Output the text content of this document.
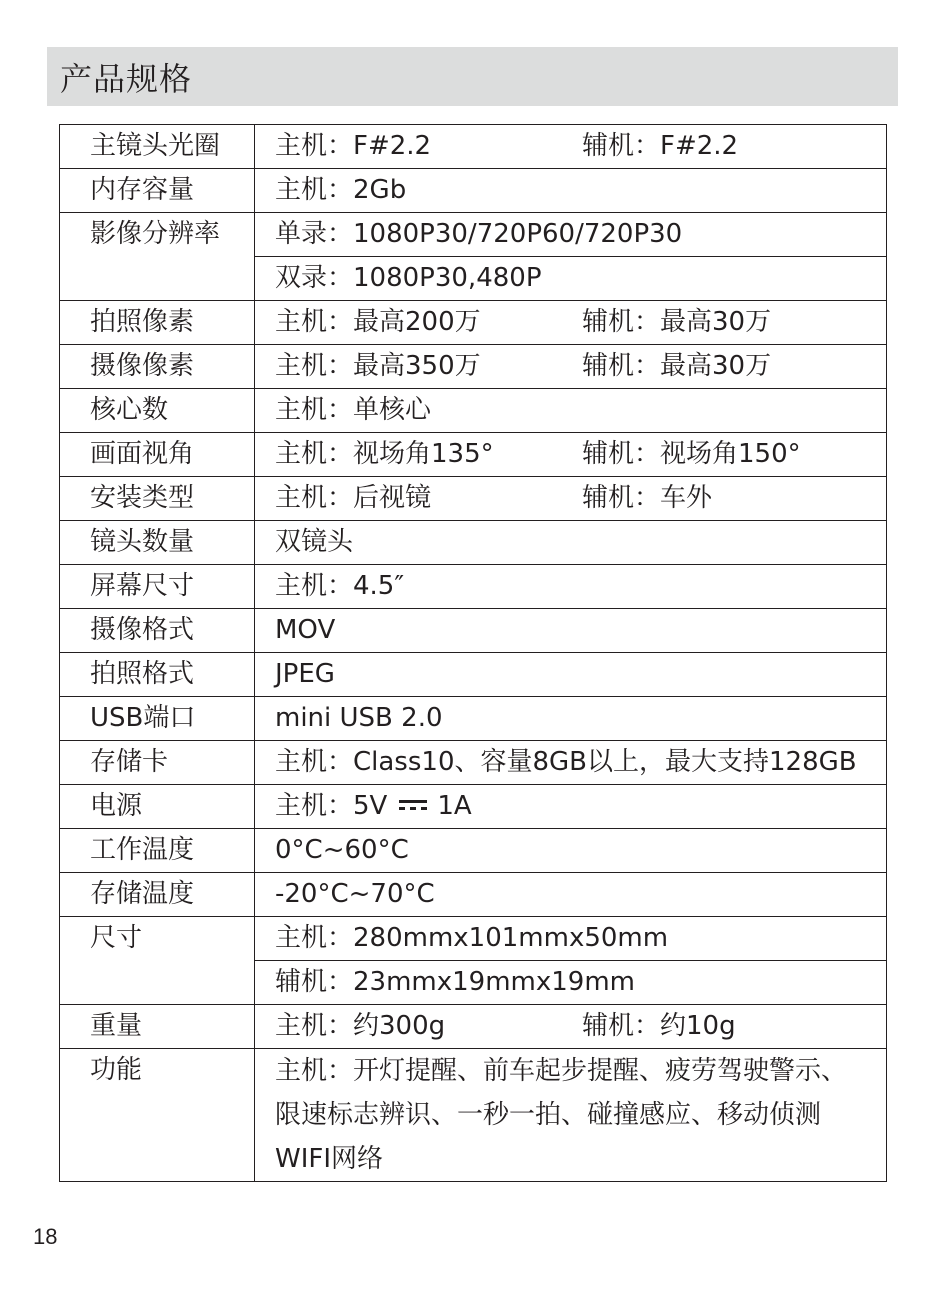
产品规格
主镜头光圈	主机：F#2.2 辅机：F#2.2
内存容量	主机：2Gb
影像分辨率	单录：1080P30/720P60/720P30
	双录：1080P30,480P
拍照像素	主机：最高200万 辅机：最高30万
摄像像素	主机：最高350万 辅机：最高30万
核心数	主机：单核心
画面视角	主机：视场角135° 辅机：视场角150°
安装类型	主机：后视镜 辅机：车外
镜头数量	双镜头
屏幕尺寸	主机：4.5″
摄像格式	MOV
拍照格式	JPEG
USB端口	mini USB 2.0
存储卡	主机：Class10、容量8GB以上，最大支持128GB
电源	主机：5V 1A
工作温度	0°C~60°C
存储温度	-20°C~70°C
尺寸	主机：280mmx101mmx50mm
	辅机：23mmx19mmx19mm
重量	主机：约300g 辅机：约10g
功能	主机：开灯提醒、前车起步提醒、疲劳驾驶警示、
限速标志辨识、一秒一拍、碰撞感应、移动侦测
WIFI网络
18
